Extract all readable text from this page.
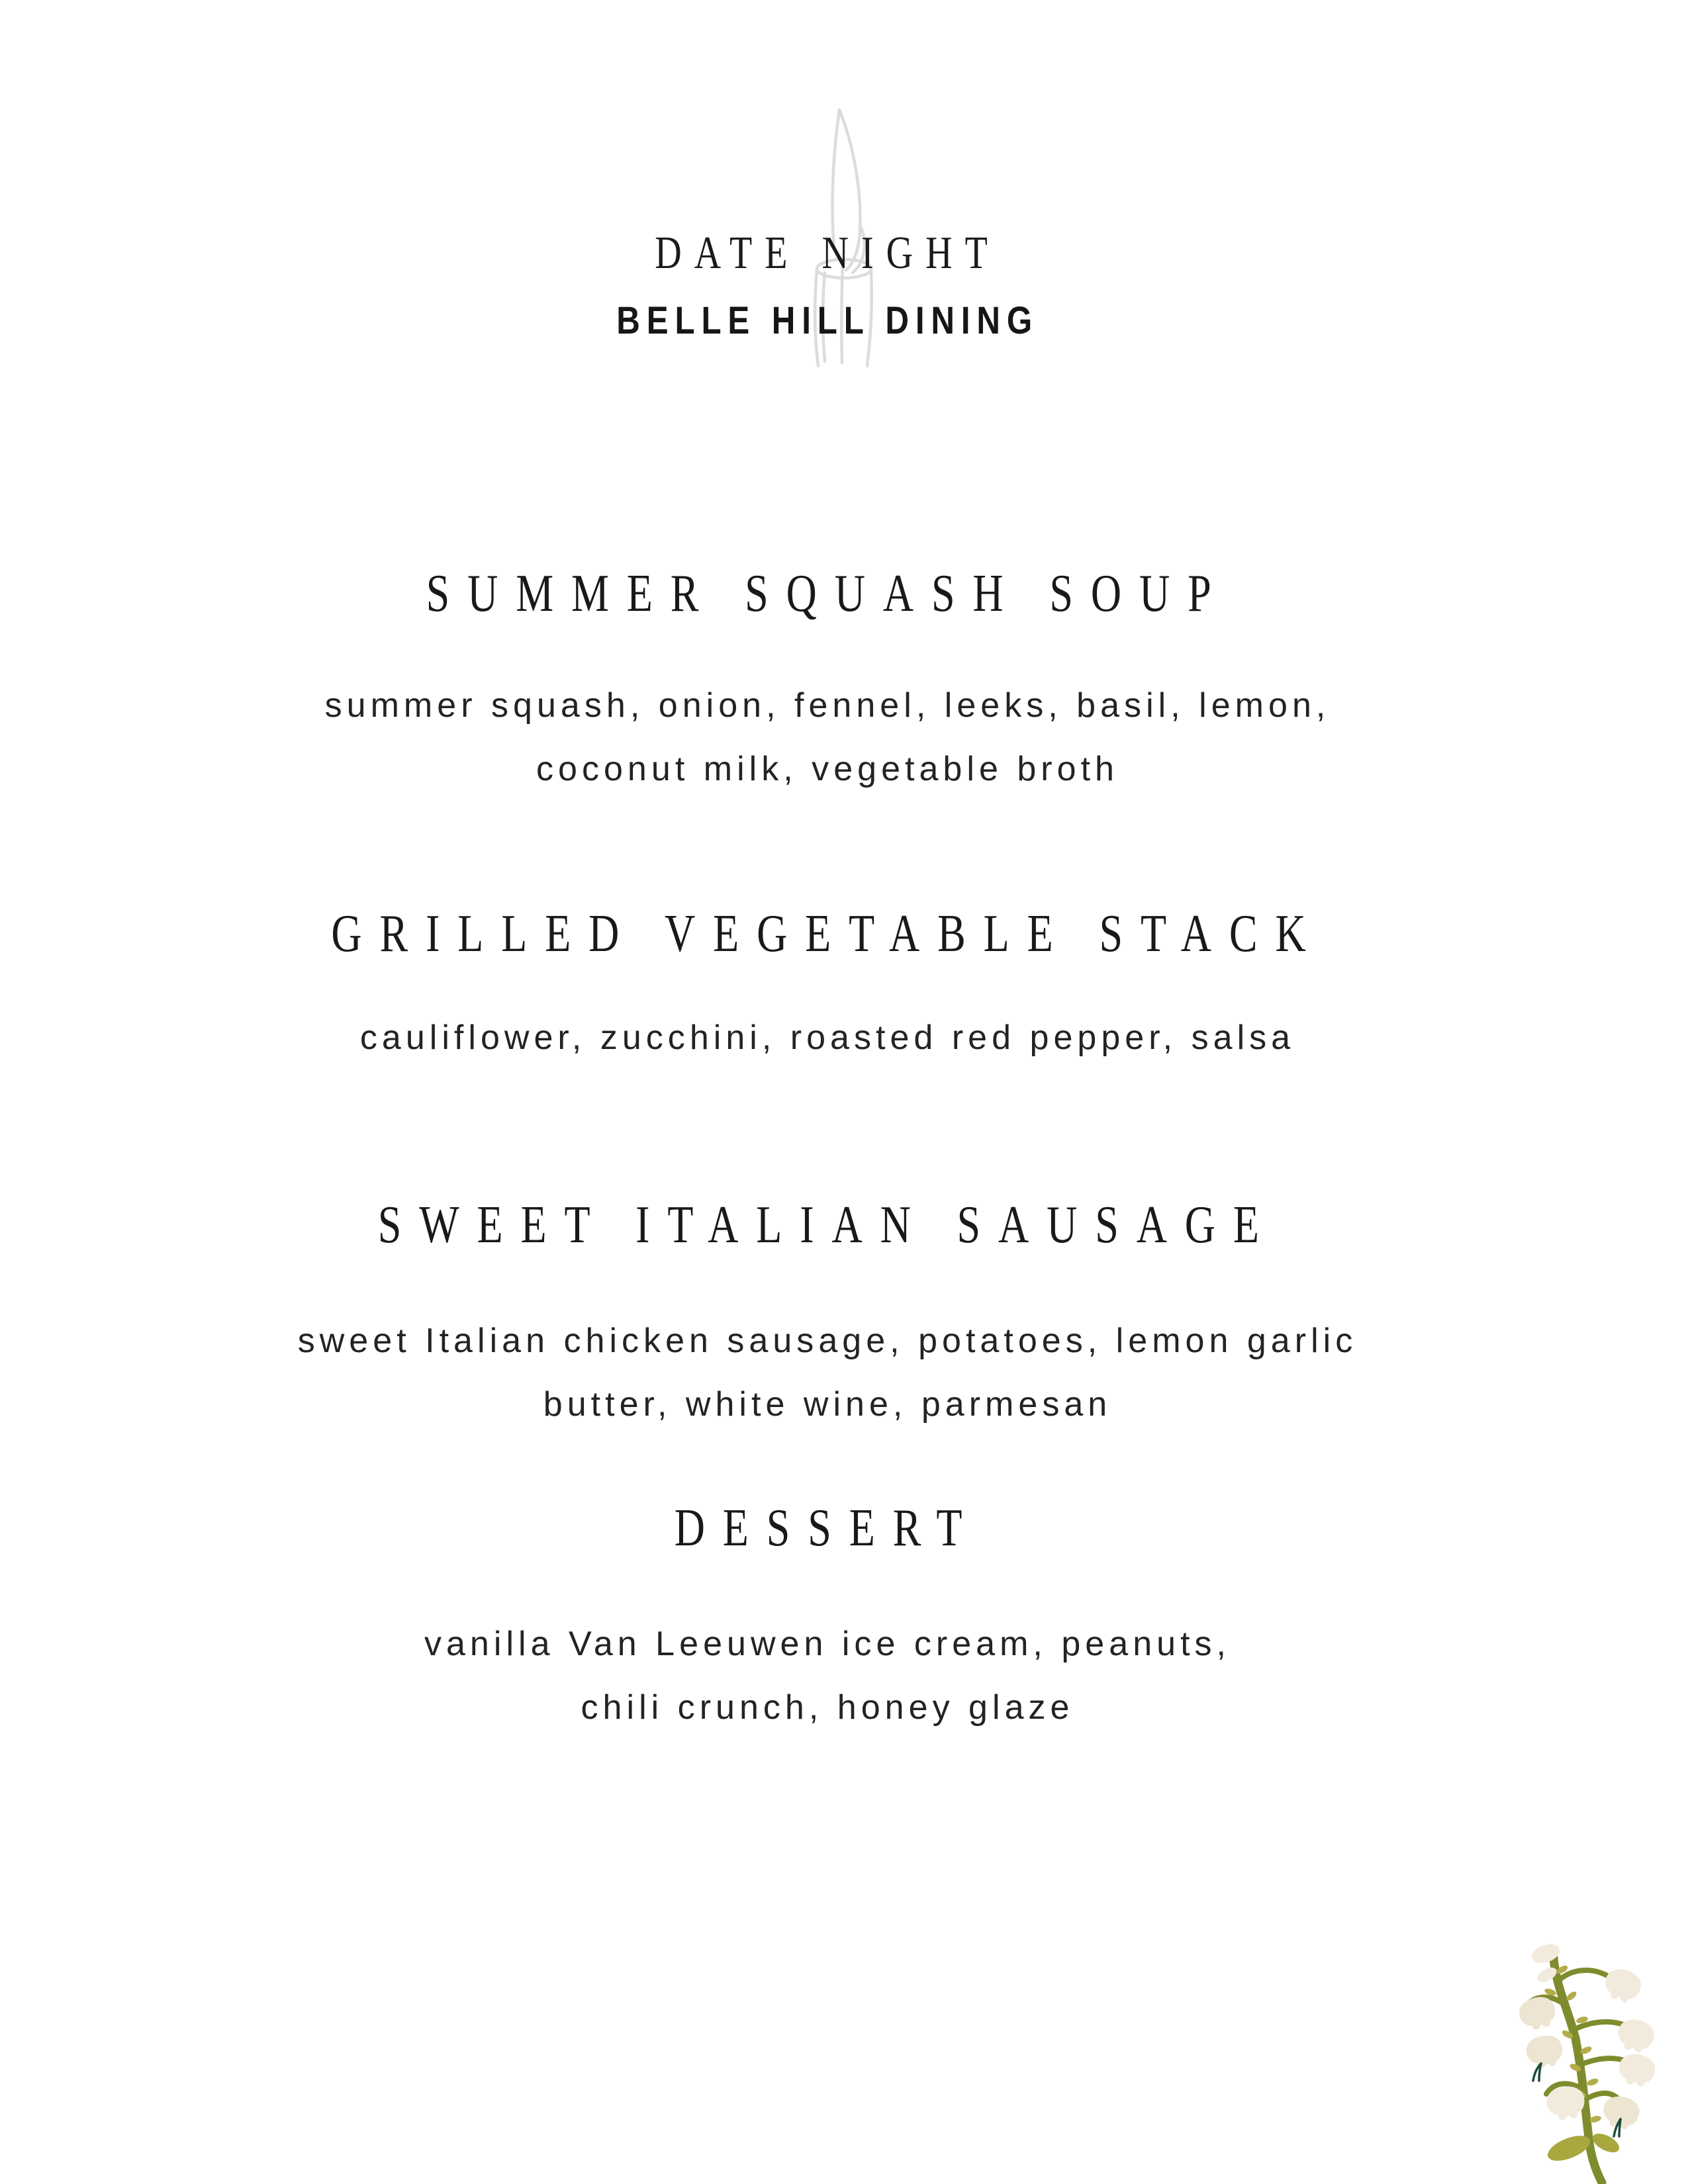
DATE NIGHT
BELLE HILL DINING
SUMMER SQUASH SOUP
summer squash, onion, fennel, leeks, basil, lemon,
coconut milk, vegetable broth
GRILLED VEGETABLE STACK
cauliflower, zucchini, roasted red pepper, salsa
SWEET ITALIAN SAUSAGE
sweet Italian chicken sausage, potatoes, lemon garlic
butter, white wine, parmesan
DESSERT
vanilla Van Leeuwen ice cream, peanuts,
chili crunch, honey glaze
